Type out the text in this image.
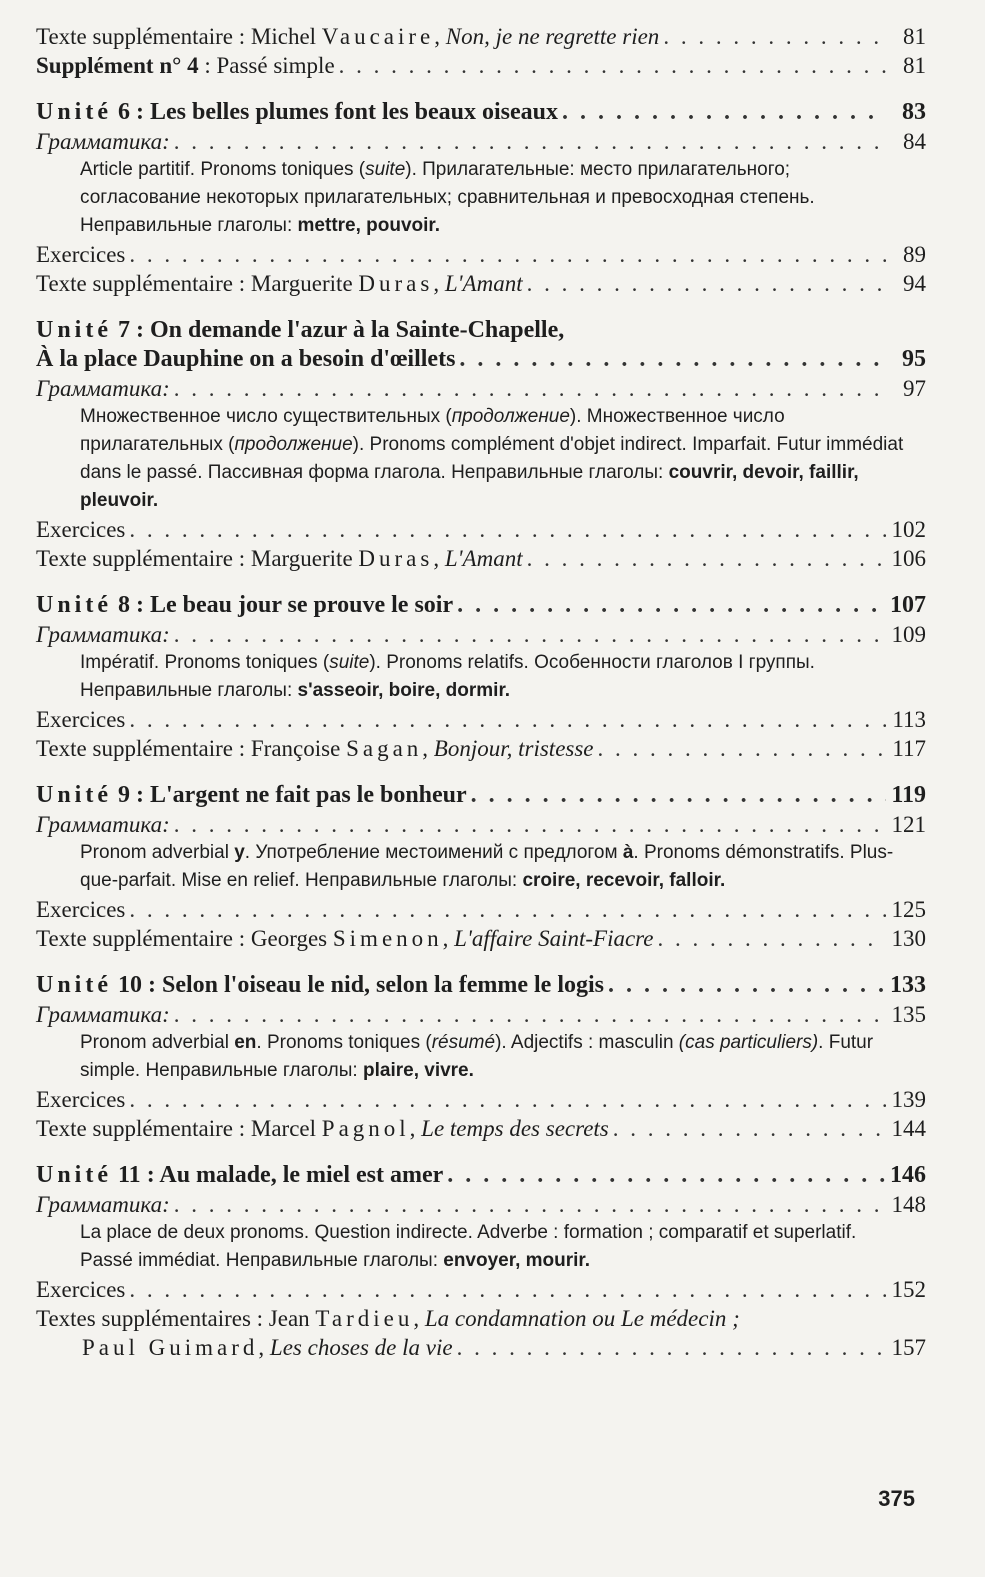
Texte supplémentaire : Michel Vaucaire, Non, je ne regrette rien . . .	81
Supplément n° 4 : Passé simple . . .	81
Unité 6 : Les belles plumes font les beaux oiseaux . . .	83
Грамматика: . . .	84
Article partitif. Pronoms toniques (suite). Прилагательные: место прилагательного; согласование некоторых прилагательных; сравнительная и превосходная степень. Неправильные глаголы: mettre, pouvoir.
Exercices . . .	89
Texte supplémentaire : Marguerite Duras, L'Amant . . .	94
Unité 7 : On demande l'azur à la Sainte-Chapelle,
À la place Dauphine on a besoin d'œillets . . .	95
Грамматика: . . .	97
Множественное число существительных (продолжение). Множественное число прилагательных (продолжение). Pronoms complément d'objet indirect. Imparfait. Futur immédiat dans le passé. Пассивная форма глагола. Неправильные глаголы: couvrir, devoir, faillir, pleuvoir.
Exercices . . .	102
Texte supplémentaire : Marguerite Duras, L'Amant . . .	106
Unité 8 : Le beau jour se prouve le soir . . .	107
Грамматика: . . .	109
Impératif. Pronoms toniques (suite). Pronoms relatifs. Особенности глаголов I группы. Неправильные глаголы: s'asseoir, boire, dormir.
Exercices . . .	113
Texte supplémentaire : Françoise Sagan, Bonjour, tristesse . . .	117
Unité 9 : L'argent ne fait pas le bonheur . . .	119
Грамматика: . . .	121
Pronom adverbial y. Употребление местоимений с предлогом à. Pronoms démonstratifs. Plus-que-parfait. Mise en relief. Неправильные глаголы: croire, recevoir, falloir.
Exercices . . .	125
Texte supplémentaire : Georges Simenon, L'affaire Saint-Fiacre . . .	130
Unité 10 : Selon l'oiseau le nid, selon la femme le logis . . .	133
Грамматика: . . .	135
Pronom adverbial en. Pronoms toniques (résumé). Adjectifs : masculin (cas particuliers). Futur simple. Неправильные глаголы: plaire, vivre.
Exercices . . .	139
Texte supplémentaire : Marcel Pagnol, Le temps des secrets . . .	144
Unité 11 : Au malade, le miel est amer . . .	146
Грамматика: . . .	148
La place de deux pronoms. Question indirecte. Adverbe : formation ; comparatif et superlatif. Passé immédiat. Неправильные глаголы: envoyer, mourir.
Exercices . . .	152
Textes supplémentaires : Jean Tardieu, La condamnation ou Le médecin ;
Paul Guimard, Les choses de la vie . . .	157
375
